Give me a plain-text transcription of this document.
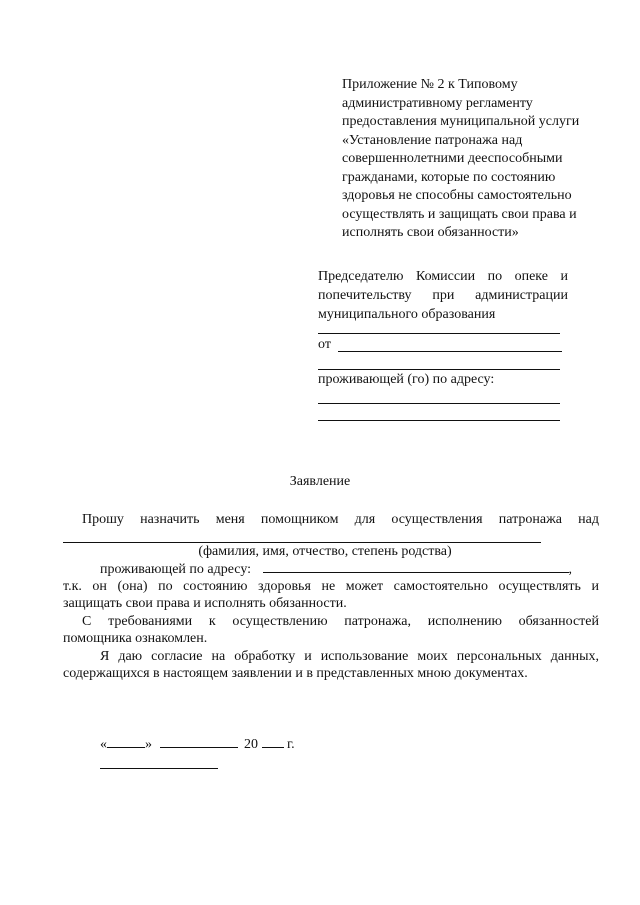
Приложение № 2 к Типовому
административному регламенту
предоставления муниципальной услуги
«Установление патронажа над
совершеннолетними дееспособными
гражданами, которые по состоянию
здоровья не способны самостоятельно
осуществлять и защищать свои права и
исполнять свои обязанности»
Председателю Комиссии по опеке и
попечительству при администрации
муниципального образования
от
проживающей (го) по адресу:
Заявление
Прошу назначить меня помощником для осуществления патронажа над
(фамилия, имя, отчество, степень родства)
проживающей по адресу:	,
т.к. он (она) по состоянию здоровья не может самостоятельно осуществлять и
защищать свои права и исполнять обязанности.
С требованиями к осуществлению патронажа, исполнению обязанностей
помощника ознакомлен.
Я даю согласие на обработку и использование моих персональных данных,
содержащихся в настоящем заявлении и в представленных мною документах.
«	»	20 г.
